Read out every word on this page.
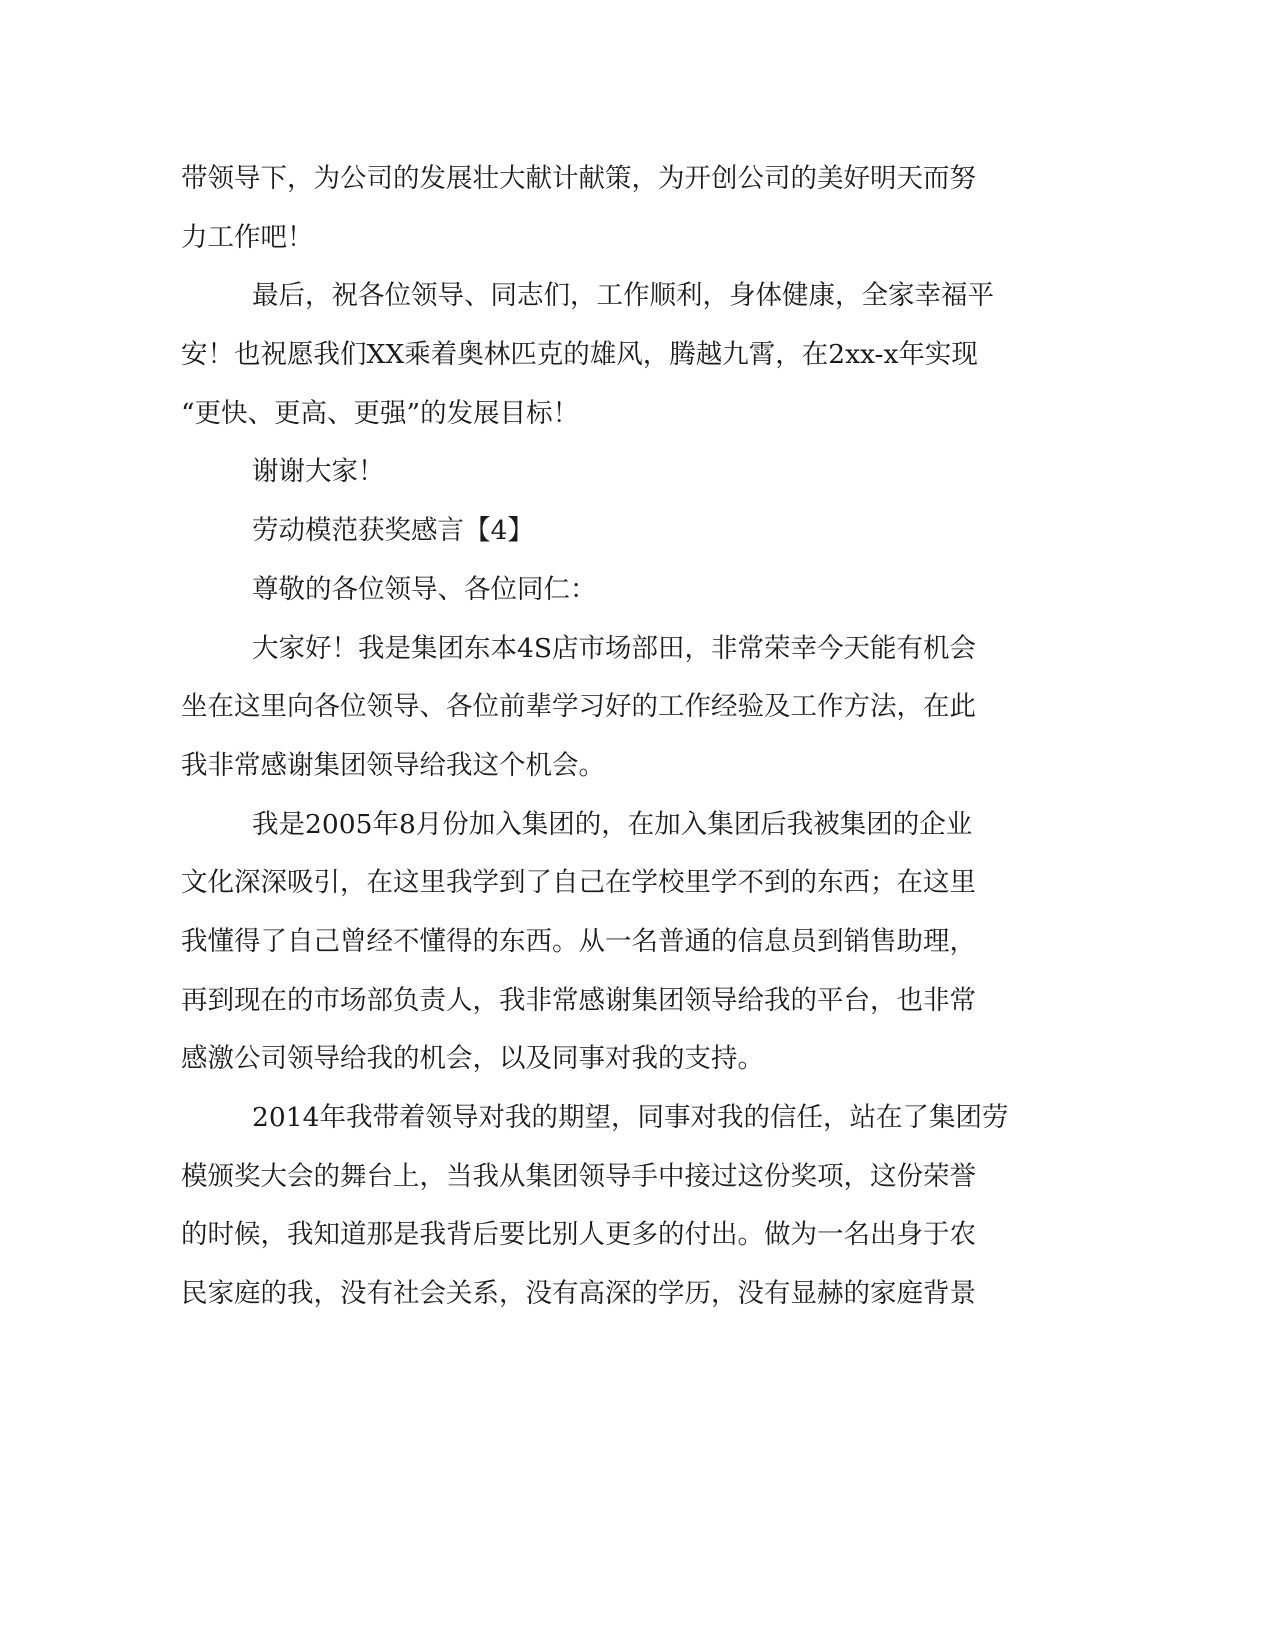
带领导下，为公司的发展壮大献计献策，为开创公司的美好明天而努
力工作吧！
最后，祝各位领导、同志们，工作顺利，身体健康，全家幸福平
安！也祝愿我们XX乘着奥林匹克的雄风，腾越九霄，在2xx-x年实现
“更快、更高、更强”的发展目标！
谢谢大家！
劳动模范获奖感言【4】
尊敬的各位领导、各位同仁：
大家好！我是集团东本4S店市场部田，非常荣幸今天能有机会
坐在这里向各位领导、各位前辈学习好的工作经验及工作方法，在此
我非常感谢集团领导给我这个机会。
我是2005年8月份加入集团的，在加入集团后我被集团的企业
文化深深吸引，在这里我学到了自己在学校里学不到的东西；在这里
我懂得了自己曾经不懂得的东西。从一名普通的信息员到销售助理，
再到现在的市场部负责人，我非常感谢集团领导给我的平台，也非常
感激公司领导给我的机会，以及同事对我的支持。
2014年我带着领导对我的期望，同事对我的信任，站在了集团劳
模颁奖大会的舞台上，当我从集团领导手中接过这份奖项，这份荣誉
的时候，我知道那是我背后要比别人更多的付出。做为一名出身于农
民家庭的我，没有社会关系，没有高深的学历，没有显赫的家庭背景
